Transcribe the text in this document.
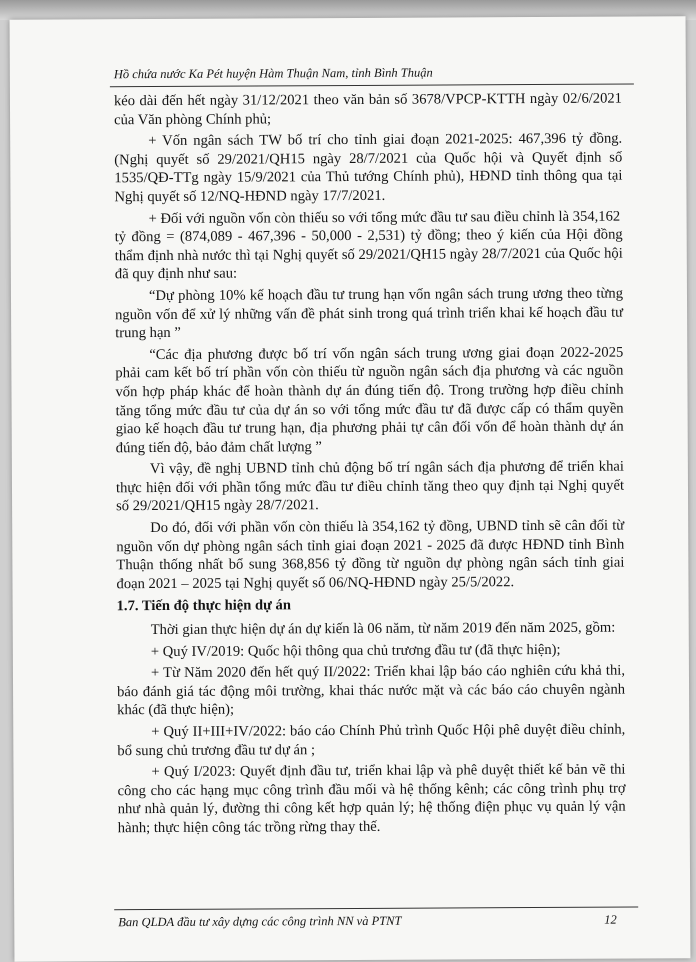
Hồ chứa nước Ka Pét huyện Hàm Thuận Nam, tỉnh Bình Thuận

kéo dài đến hết ngày 31/12/2021 theo văn bản số 3678/VPCP-KTTH ngày 02/6/2021 của Văn phòng Chính phủ;

+ Vốn ngân sách TW bố trí cho tỉnh giai đoạn 2021-2025: 467,396 tỷ đồng. (Nghị quyết số 29/2021/QH15 ngày 28/7/2021 của Quốc hội và Quyết định số 1535/QĐ-TTg ngày 15/9/2021 của Thủ tướng Chính phủ), HĐND tỉnh thông qua tại Nghị quyết số 12/NQ-HĐND ngày 17/7/2021.

+ Đối với nguồn vốn còn thiếu so với tổng mức đầu tư sau điều chỉnh là 354,162

tỷ đồng = (874,089 - 467,396 - 50,000 - 2,531) tỷ đồng; theo ý kiến của Hội đồng thẩm định nhà nước thì tại Nghị quyết số 29/2021/QH15 ngày 28/7/2021 của Quốc hội đã quy định như sau:

“Dự phòng 10% kế hoạch đầu tư trung hạn vốn ngân sách trung ương theo từng nguồn vốn để xử lý những vấn đề phát sinh trong quá trình triển khai kế hoạch đầu tư trung hạn ”

“Các địa phương được bố trí vốn ngân sách trung ương giai đoạn 2022-2025 phải cam kết bố trí phần vốn còn thiếu từ nguồn ngân sách địa phương và các nguồn vốn hợp pháp khác để hoàn thành dự án đúng tiến độ. Trong trường hợp điều chỉnh tăng tổng mức đầu tư của dự án so với tổng mức đầu tư đã được cấp có thẩm quyền giao kế hoạch đầu tư trung hạn, địa phương phải tự cân đối vốn để hoàn thành dự án đúng tiến độ, bảo đảm chất lượng ”

Vì vậy, đề nghị UBND tỉnh chủ động bố trí ngân sách địa phương để triển khai thực hiện đối với phần tổng mức đầu tư điều chỉnh tăng theo quy định tại Nghị quyết số 29/2021/QH15 ngày 28/7/2021.

Do đó, đối với phần vốn còn thiếu là 354,162 tỷ đồng, UBND tỉnh sẽ cân đối từ nguồn vốn dự phòng ngân sách tỉnh giai đoạn 2021 - 2025 đã được HĐND tỉnh Bình Thuận thống nhất bổ sung 368,856 tỷ đồng từ nguồn dự phòng ngân sách tỉnh giai đoạn 2021 – 2025 tại Nghị quyết số 06/NQ-HĐND ngày 25/5/2022.

1.7. Tiến độ thực hiện dự án

Thời gian thực hiện dự án dự kiến là 06 năm, từ năm 2019 đến năm 2025, gồm:

+ Quý IV/2019: Quốc hội thông qua chủ trương đầu tư (đã thực hiện);

+ Từ Năm 2020 đến hết quý II/2022: Triển khai lập báo cáo nghiên cứu khả thi, báo đánh giá tác động môi trường, khai thác nước mặt và các báo cáo chuyên ngành khác (đã thực hiện);

+ Quý II+III+IV/2022: báo cáo Chính Phủ trình Quốc Hội phê duyệt điều chỉnh, bổ sung chủ trương đầu tư dự án ;

+ Quý I/2023: Quyết định đầu tư, triển khai lập và phê duyệt thiết kế bản vẽ thi công cho các hạng mục công trình đầu mối và hệ thống kênh; các công trình phụ trợ như nhà quản lý, đường thi công kết hợp quản lý; hệ thống điện phục vụ quản lý vận hành; thực hiện công tác trồng rừng thay thế.

Ban QLDA đầu tư xây dựng các công trình NN và PTNT	12
